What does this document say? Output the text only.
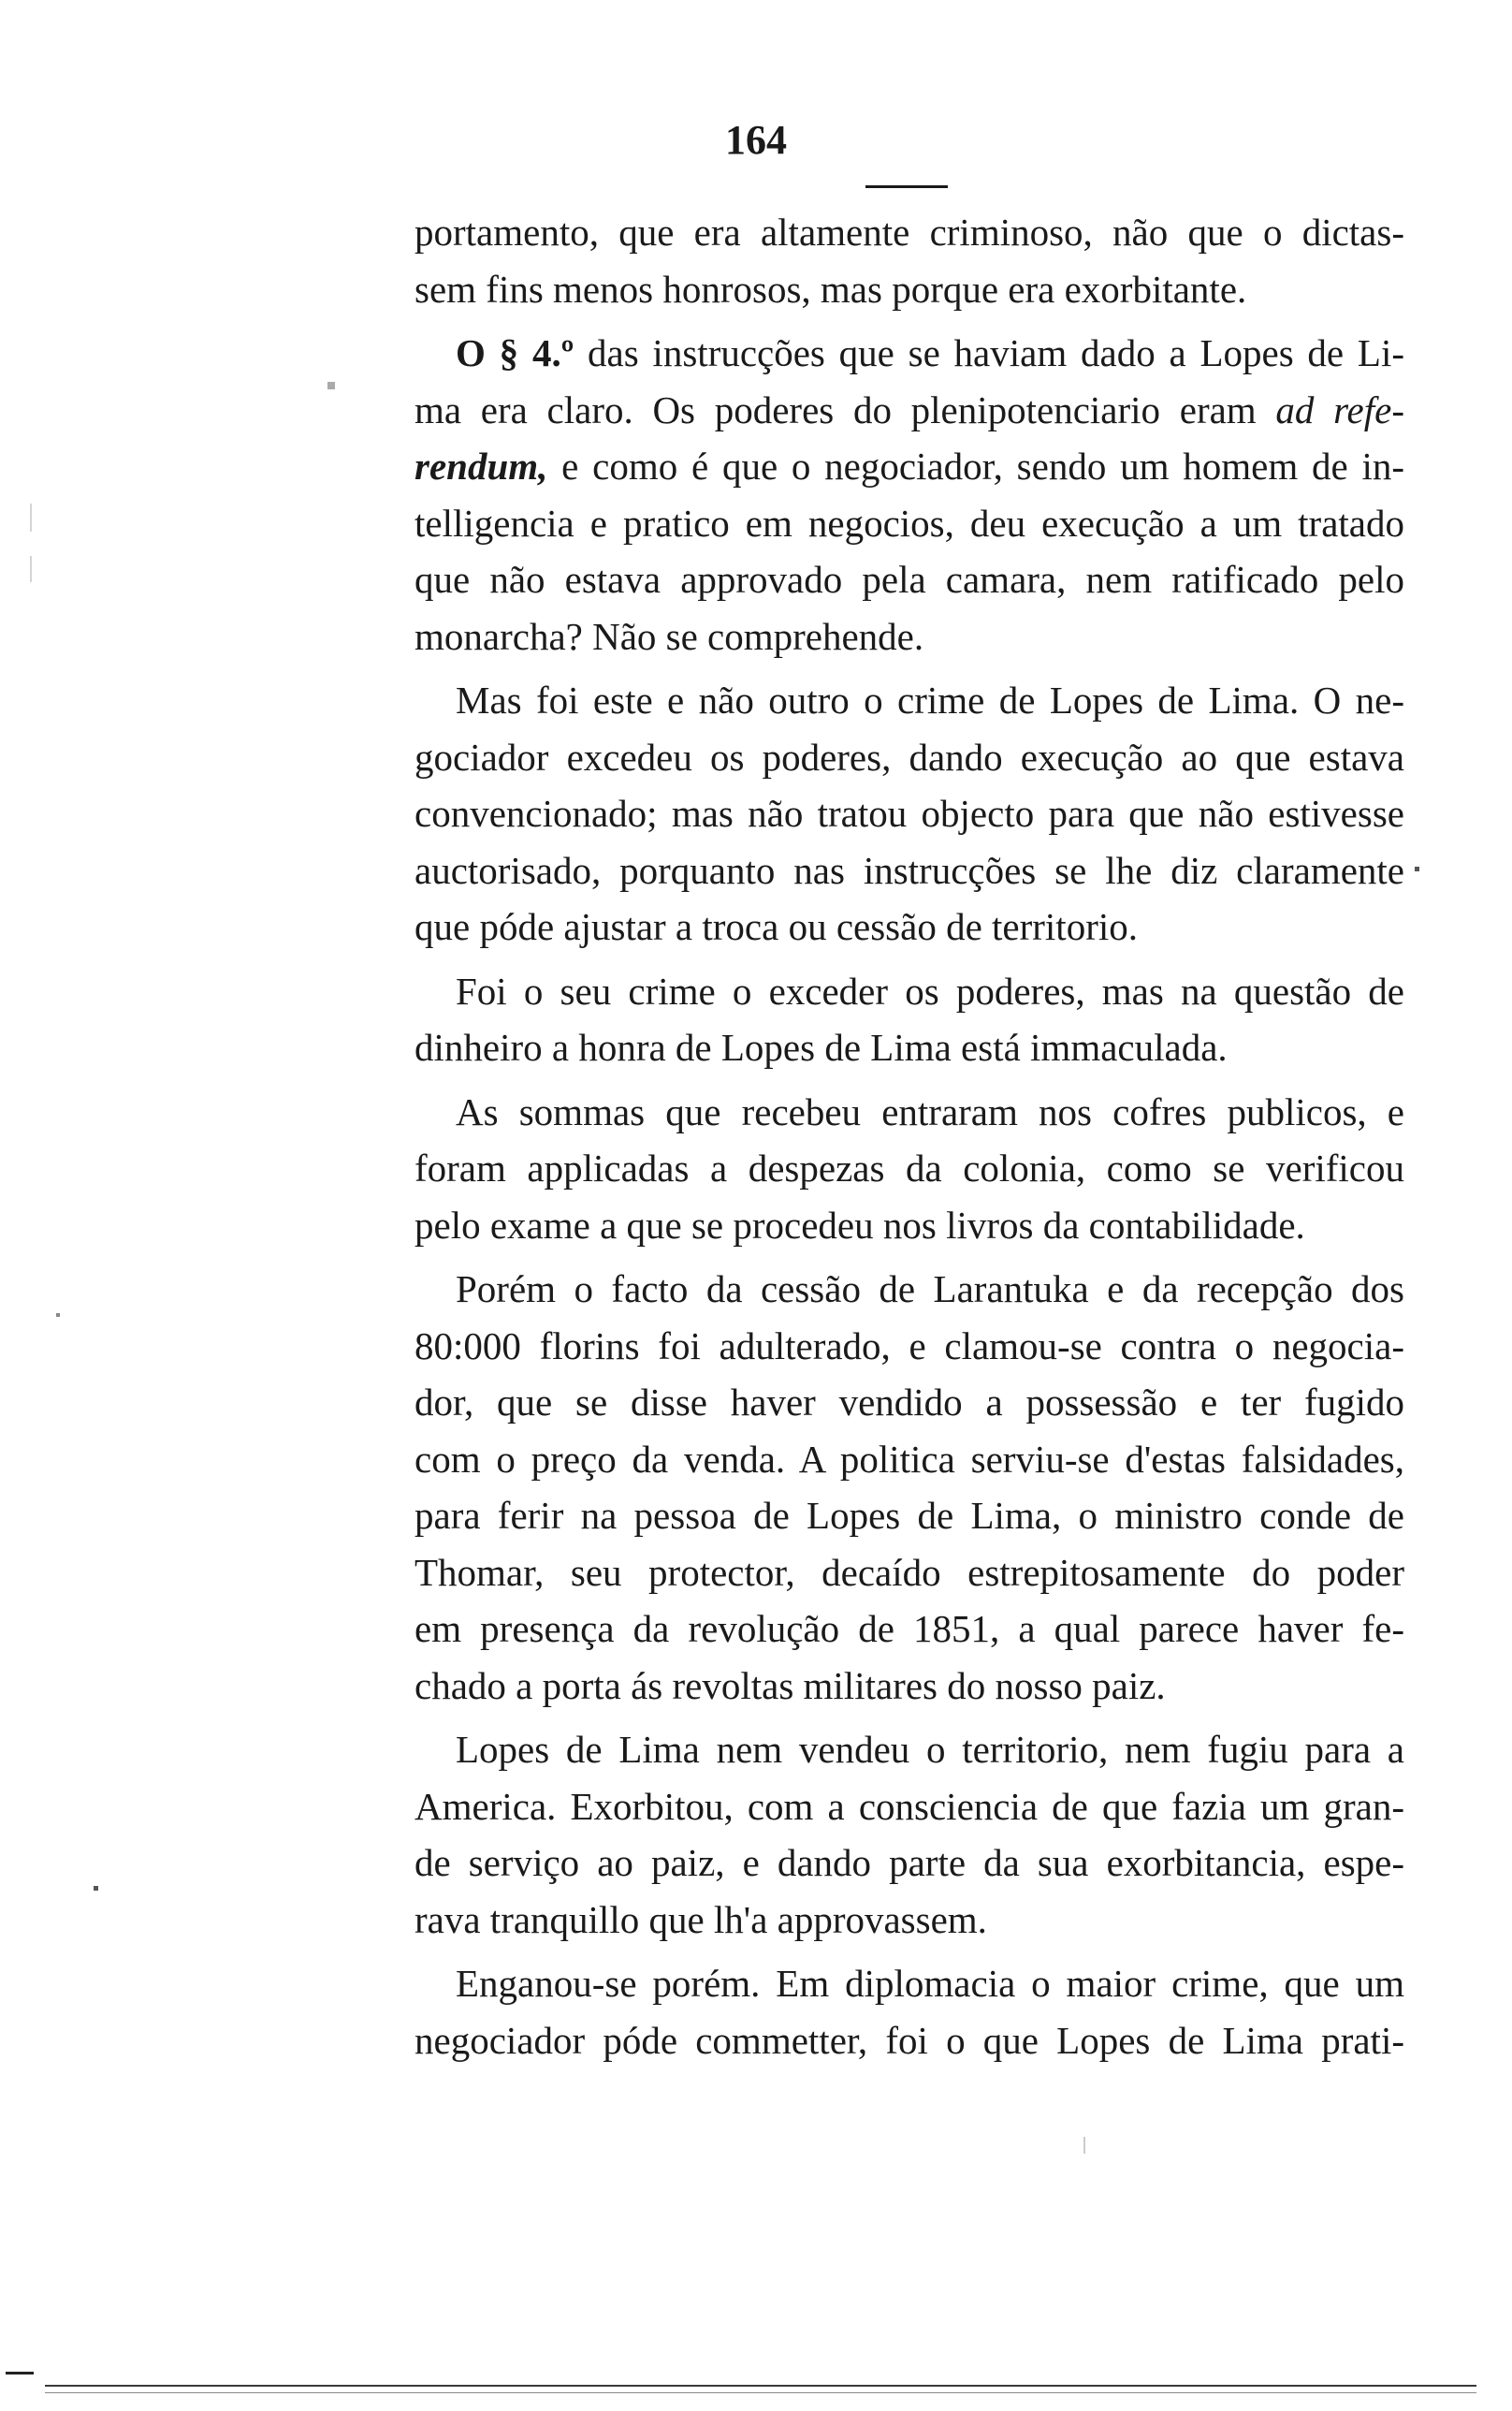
164

portamento, que era altamente criminoso, não que o dictas-
sem fins menos honrosos, mas porque era exorbitante.

O § 4.º das instrucções que se haviam dado a Lopes de Li-
ma era claro. Os poderes do plenipotenciario eram ad refe-
rendum, e como é que o negociador, sendo um homem de in-
telligencia e pratico em negocios, deu execução a um tratado
que não estava approvado pela camara, nem ratificado pelo
monarcha? Não se comprehende.

Mas foi este e não outro o crime de Lopes de Lima. O ne-
gociador excedeu os poderes, dando execução ao que estava
convencionado; mas não tratou objecto para que não estivesse
auctorisado, porquanto nas instrucções se lhe diz claramente
que póde ajustar a troca ou cessão de territorio.

Foi o seu crime o exceder os poderes, mas na questão de
dinheiro a honra de Lopes de Lima está immaculada.

As sommas que recebeu entraram nos cofres publicos, e
foram applicadas a despezas da colonia, como se verificou
pelo exame a que se procedeu nos livros da contabilidade.

Porém o facto da cessão de Larantuka e da recepção dos
80:000 florins foi adulterado, e clamou-se contra o negocia-
dor, que se disse haver vendido a possessão e ter fugido
com o preço da venda. A politica serviu-se d'estas falsidades,
para ferir na pessoa de Lopes de Lima, o ministro conde de
Thomar, seu protector, decaído estrepitosamente do poder
em presença da revolução de 1851, a qual parece haver fe-
chado a porta ás revoltas militares do nosso paiz.

Lopes de Lima nem vendeu o territorio, nem fugiu para a
America. Exorbitou, com a consciencia de que fazia um gran-
de serviço ao paiz, e dando parte da sua exorbitancia, espe-
rava tranquillo que lh'a approvassem.

Enganou-se porém. Em diplomacia o maior crime, que um
negociador póde commetter, foi o que Lopes de Lima prati-
